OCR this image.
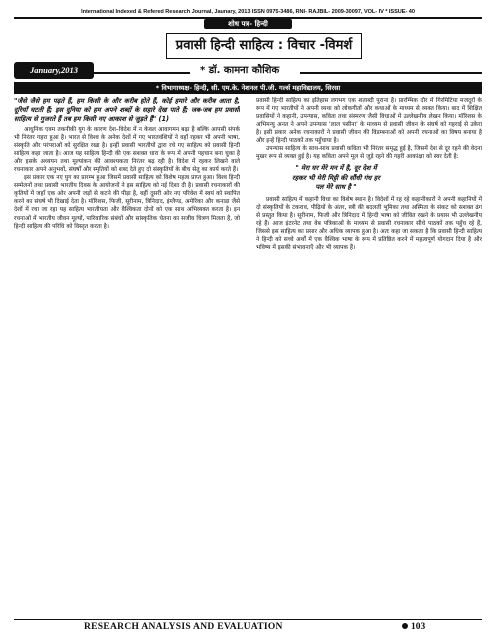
International Indexed & Refered Research Journal, Jaunary, 2013 ISSN 0975-3486, RNI- RAJBIL- 2009-30097, VOL- IV * ISSUE- 40
शोध पत्र- हिन्दी
प्रवासी हिन्दी साहित्य : विचार -विमर्श
January,2013	* डॉ. कामना कौशिक
* विभागाध्यक्ष- हिन्दी, सी. एम.के. नेशनल पी.जी. गर्ल्स महाविद्यालय, सिरसा

"जैसे जैसे हम पढ़ते हैं, हम किसी के और करीब होते हैं, कोई हमारे और करीब आता है, दूरियाँ घटती हैं; इस दुनिया को हम अपने शब्दों के सहारे देख पाते हैं; जब-जब हम प्रवासी साहित्य से गुजरते हैं तब हम किसी नए आकाश से जुड़ते हैं" (1)

आधुनिक एवम तकनीकी युग के कारण देश–विदेश में न केवल आवागमन बढ़ा है बल्कि आपसी संपर्क भी निरंतर गहरा हुआ है। भारत से विश्व के अनेक देशों में गए भारतवंशियों ने वहाँ रहकर भी अपनी भाषा, संस्कृति और परंपराओं को सुरक्षित रखा है। इन्हीं प्रवासी भारतीयों द्वारा रचे गए साहित्य को प्रवासी हिन्दी साहित्य कहा जाता है। आज यह साहित्य हिन्दी की एक सशक्त धारा के रूप में अपनी पहचान बना चुका है और इसके अध्ययन तथा मूल्यांकन की आवश्यकता निरंतर बढ़ रही है। विदेश में रहकर लिखने वाले रचनाकार अपने अनुभवों, संघर्षों और स्मृतियों को शब्द देते हुए दो संस्कृतियों के बीच सेतु का कार्य करते हैं।

इस प्रकार एक नए युग का प्रारम्भ हुआ जिसमें प्रवासी साहित्य को विशेष महत्व प्राप्त हुआ। विश्व हिन्दी सम्मेलनों तथा प्रवासी भारतीय दिवस के आयोजनों ने इस साहित्य को नई दिशा दी है। प्रवासी रचनाकारों की कृतियों में जहाँ एक ओर अपनी जड़ों से कटने की पीड़ा है, वहीं दूसरी ओर नए परिवेश में स्वयं को स्थापित करने का संघर्ष भी दिखाई देता है। मॉरिशस, फिजी, सूरीनाम, त्रिनिदाद, इंग्लैण्ड, अमेरिका और कनाडा जैसे देशों में रचा जा रहा यह साहित्य भारतीयता और वैश्विकता दोनों को एक साथ अभिव्यक्त करता है। इन रचनाओं में भारतीय जीवन मूल्यों, पारिवारिक संबंधों और सांस्कृतिक चेतना का सजीव चित्रण मिलता है, जो हिन्दी साहित्य की परिधि को विस्तृत करता है।

प्रवासी हिन्दी साहित्य का इतिहास लगभग एक शताब्दी पुराना है। प्रारम्भिक दौर में गिरमिटिया मजदूरों के रूप में गए भारतीयों ने अपनी व्यथा को लोकगीतों और कथाओं के माध्यम से व्यक्त किया। बाद में शिक्षित प्रवासियों ने कहानी, उपन्यास, कविता तथा संस्मरण जैसी विधाओं में उल्लेखनीय लेखन किया। मॉरिशस के अभिमन्यु अनत ने अपने उपन्यास 'लाल पसीना' के माध्यम से प्रवासी जीवन के संघर्ष को गहराई से उकेरा है। इसी प्रकार अनेक रचनाकारों ने प्रवासी जीवन की विडम्बनाओं को अपनी रचनाओं का विषय बनाया है और इन्हें हिन्दी पाठकों तक पहुँचाया है।

उपन्यास साहित्य के साथ-साथ प्रवासी कविता भी निरंतर समृद्ध हुई है, जिसमें देश से दूर रहने की वेदना मुखर रूप से व्यक्त हुई है। यह कविता अपने मूल से जुड़े रहने की गहरी आकांक्षा को स्वर देती है:

" मेरा घर मेरे मन में है, दूर देश में रहकर भी मेरी मिट्टी की सौंधी गंध हर पल मेरे साथ है "

प्रवासी साहित्य में कहानी विधा का विशेष स्थान है। विदेशों में रह रहे कहानीकारों ने अपनी कहानियों में दो संस्कृतियों के टकराव, पीढ़ियों के अंतर, स्त्री की बदलती भूमिका तथा अस्मिता के संकट को सशक्त ढंग से प्रस्तुत किया है। सूरीनाम, फिजी और त्रिनिदाद में हिन्दी भाषा को जीवित रखने के प्रयास भी उल्लेखनीय रहे हैं। आज इंटरनेट तथा वेब पत्रिकाओं के माध्यम से प्रवासी रचनाकार सीधे पाठकों तक पहुँच रहे हैं, जिससे इस साहित्य का प्रसार और अधिक व्यापक हुआ है। अतः कहा जा सकता है कि प्रवासी हिन्दी साहित्य ने हिन्दी को सच्चे अर्थों में एक वैश्विक भाषा के रूप में प्रतिष्ठित करने में महत्वपूर्ण योगदान दिया है और भविष्य में इसकी संभावनाएँ और भी व्यापक हैं।

RESEARCH ANALYSIS AND EVALUATION	103
